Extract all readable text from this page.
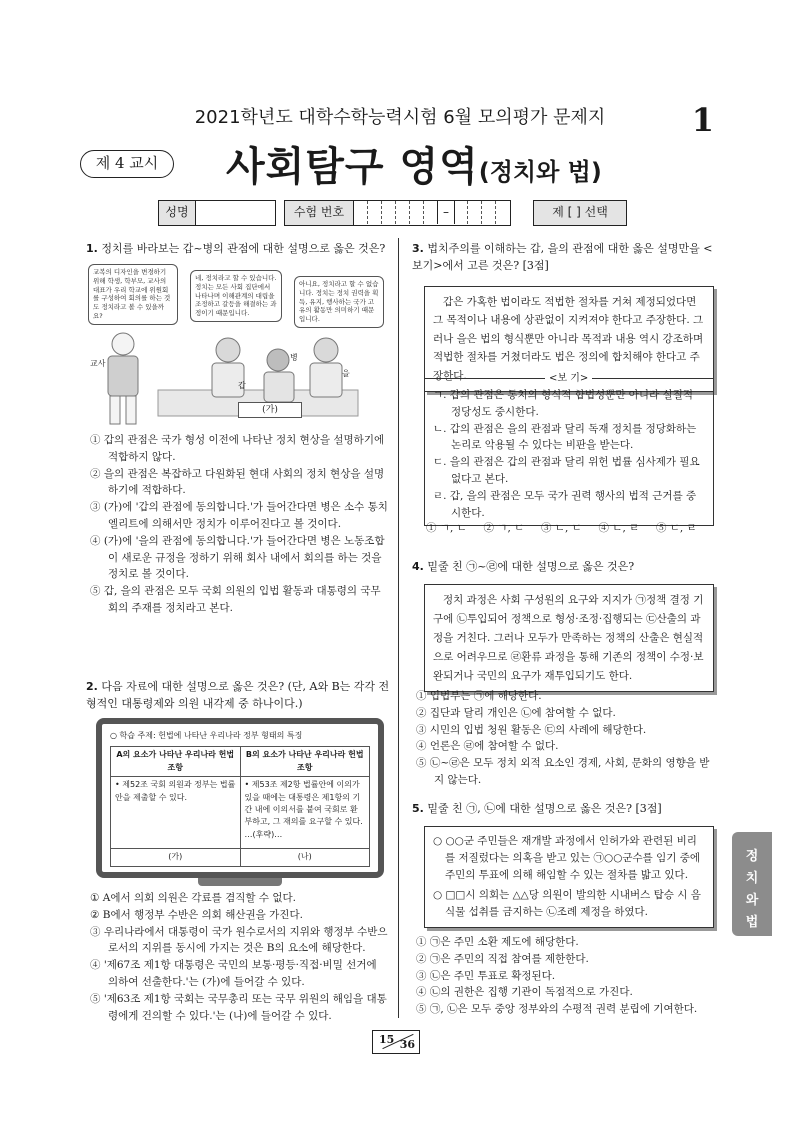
2021학년도 대학수학능력시험 6월 모의평가 문제지	1
제 4 교시	사회탐구 영역(정치와 법)
성명	수험 번호	–	제 [ ] 선택
1. 정치를 바라보는 갑~병의 관점에 대한 설명으로 옳은 것은?
교복의 디자인을 변경하기 위해 학생, 학부모, 교사의 대표가 우리 학교에 위원회를 구성하여 회의를 하는 것도 정치라고 볼 수 있을까요?
네, 정치라고 할 수 있습니다. 정치는 모든 사회 집단에서 나타나며 이해관계의 대립을 조정하고 갈등을 해결하는 과정이기 때문입니다.
아니요, 정치라고 할 수 없습니다. 정치는 정치 권력을 획득, 유지, 행사하는 국가 고유의 활동만 의미하기 때문입니다.
교사
갑
병
을
(가)
① 갑의 관점은 국가 형성 이전에 나타난 정치 현상을 설명하기에 적합하지 않다.
② 을의 관점은 복잡하고 다원화된 현대 사회의 정치 현상을 설명하기에 적합하다.
③ (가)에 '갑의 관점에 동의합니다.'가 들어간다면 병은 소수 통치 엘리트에 의해서만 정치가 이루어진다고 볼 것이다.
④ (가)에 '을의 관점에 동의합니다.'가 들어간다면 병은 노동조합이 새로운 규정을 정하기 위해 회사 내에서 회의를 하는 것을 정치로 볼 것이다.
⑤ 갑, 을의 관점은 모두 국회 의원의 입법 활동과 대통령의 국무 회의 주재를 정치라고 본다.
2. 다음 자료에 대한 설명으로 옳은 것은? (단, A와 B는 각각 전형적인 대통령제와 의원 내각제 중 하나이다.)
○ 학습 주제: 헌법에 나타난 우리나라 정부 형태의 특징
A의 요소가 나타난 우리나라 헌법 조항	B의 요소가 나타난 우리나라 헌법 조항
• 제52조 국회 의원과 정부는 법률안을 제출할 수 있다.	• 제53조 제2항 법률안에 이의가 있을 때에는 대통령은 제1항의 기간 내에 이의서를 붙여 국회로 환부하고, 그 재의를 요구할 수 있다. …(후략)…
(가)	(나)
① A에서 의회 의원은 각료를 겸직할 수 없다.
② B에서 행정부 수반은 의회 해산권을 가진다.
③ 우리나라에서 대통령이 국가 원수로서의 지위와 행정부 수반으로서의 지위를 동시에 가지는 것은 B의 요소에 해당한다.
④ '제67조 제1항 대통령은 국민의 보통·평등·직접·비밀 선거에 의하여 선출한다.'는 (가)에 들어갈 수 있다.
⑤ '제63조 제1항 국회는 국무총리 또는 국무 위원의 해임을 대통령에게 건의할 수 있다.'는 (나)에 들어갈 수 있다.
3. 법치주의를 이해하는 갑, 을의 관점에 대한 옳은 설명만을 <보기>에서 고른 것은? [3점]
갑은 가혹한 법이라도 적법한 절차를 거쳐 제정되었다면 그 목적이나 내용에 상관없이 지켜져야 한다고 주장한다. 그러나 을은 법의 형식뿐만 아니라 목적과 내용 역시 강조하며 적법한 절차를 거쳤더라도 법은 정의에 합치해야 한다고 주장한다.	<보 기>
ㄱ. 갑의 관점은 통치의 형식적 합법성뿐만 아니라 실질적 정당성도 중시한다.
ㄴ. 갑의 관점은 을의 관점과 달리 독재 정치를 정당화하는 논리로 악용될 수 있다는 비판을 받는다.
ㄷ. 을의 관점은 갑의 관점과 달리 위헌 법률 심사제가 필요 없다고 본다.
ㄹ. 갑, 을의 관점은 모두 국가 권력 행사의 법적 근거를 중시한다.
① ㄱ, ㄴ     ② ㄱ, ㄷ     ③ ㄴ, ㄷ     ④ ㄴ, ㄹ     ⑤ ㄷ, ㄹ
4. 밑줄 친 ㉠~㉣에 대한 설명으로 옳은 것은?
정치 과정은 사회 구성원의 요구와 지지가 ㉠정책 결정 기구에 ㉡투입되어 정책으로 형성·조정·집행되는 ㉢산출의 과정을 거친다. 그러나 모두가 만족하는 정책의 산출은 현실적으로 어려우므로 ㉣환류 과정을 통해 기존의 정책이 수정·보완되거나 국민의 요구가 재투입되기도 한다.
① 입법부는 ㉠에 해당한다.
② 집단과 달리 개인은 ㉡에 참여할 수 없다.
③ 시민의 입법 청원 활동은 ㉢의 사례에 해당한다.
④ 언론은 ㉣에 참여할 수 없다.
⑤ ㉡~㉣은 모두 정치 외적 요소인 경제, 사회, 문화의 영향을 받지 않는다.
5. 밑줄 친 ㉠, ㉡에 대한 설명으로 옳은 것은? [3점]
○ ○○군 주민들은 재개발 과정에서 인허가와 관련된 비리를 저질렀다는 의혹을 받고 있는 ㉠○○군수를 임기 중에 주민의 투표에 의해 해임할 수 있는 절차를 밟고 있다.
○ □□시 의회는 △△당 의원이 발의한 시내버스 탑승 시 음식물 섭취를 금지하는 ㉡조례 제정을 하였다.
① ㉠은 주민 소환 제도에 해당한다.
② ㉠은 주민의 직접 참여를 제한한다.
③ ㉡은 주민 투표로 확정된다.
④ ㉡의 권한은 집행 기관이 독점적으로 가진다.
⑤ ㉠, ㉡은 모두 중앙 정부와의 수평적 권력 분립에 기여한다.
정
치
와
법
15 36
